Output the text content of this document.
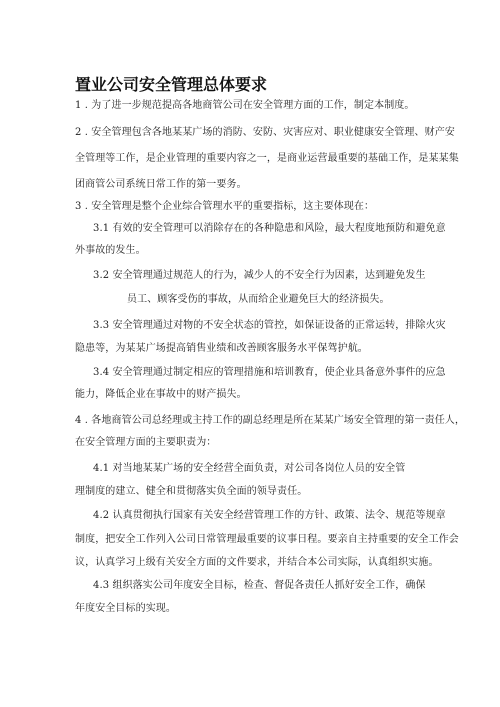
置业公司安全管理总体要求
1 . 为了进一步规范提高各地商管公司在安全管理方面的工作，制定本制度。
2 . 安全管理包含各地某某广场的消防、安防、灾害应对、职业健康安全管理、财产安
全管理等工作，是企业管理的重要内容之一，是商业运营最重要的基础工作，是某某集
团商管公司系统日常工作的第一要务。
3 . 安全管理是整个企业综合管理水平的重要指标，这主要体现在：
3.1 有效的安全管理可以消除存在的各种隐患和风险，最大程度地预防和避免意
外事故的发生。
3.2 安全管理通过规范人的行为，减少人的不安全行为因素，达到避免发生
员工、顾客受伤的事故，从而给企业避免巨大的经济损失。
3.3 安全管理通过对物的不安全状态的管控，如保证设备的正常运转，排除火灾
隐患等，为某某广场提高销售业绩和改善顾客服务水平保驾护航。
3.4 安全管理通过制定相应的管理措施和培训教育，使企业具备意外事件的应急
能力，降低企业在事故中的财产损失。
4 . 各地商管公司总经理或主持工作的副总经理是所在某某广场安全管理的第一责任人，
在安全管理方面的主要职责为：
4.1 对当地某某广场的安全经营全面负责，对公司各岗位人员的安全管
理制度的建立、健全和贯彻落实负全面的领导责任。
4.2 认真贯彻执行国家有关安全经营管理工作的方针、政策、法令、规范等规章
制度，把安全工作列入公司日常管理最重要的议事日程。要亲自主持重要的安全工作会
议，认真学习上级有关安全方面的文件要求，并结合本公司实际，认真组织实施。
4.3 组织落实公司年度安全目标，检查、督促各责任人抓好安全工作，确保
年度安全目标的实现。
